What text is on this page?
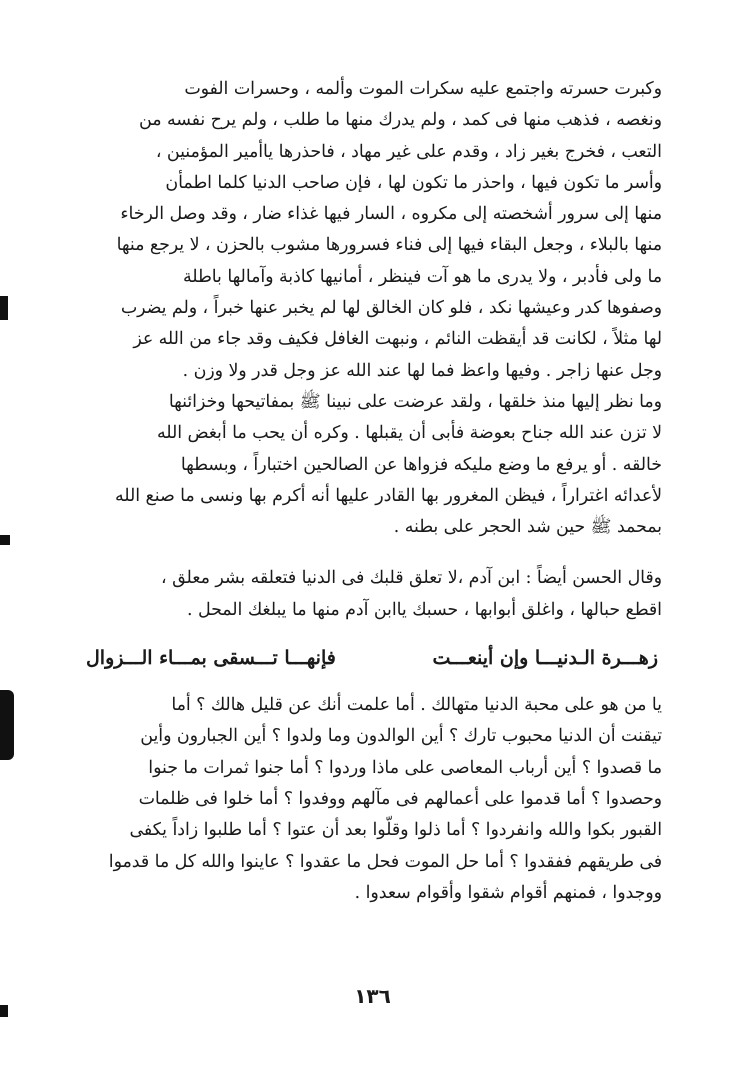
وكبرت حسرته واجتمع عليه سكرات الموت وألمه ، وحسرات الفوت

ونغصه ، فذهب منها فى كمد ، ولم يدرك منها ما طلب ، ولم يرح نفسه من

التعب ، فخرج بغير زاد ، وقدم على غير مهاد ، فاحذرها ياأمير المؤمنين ،

وأسر ما تكون فيها ، واحذر ما تكون لها ، فإن صاحب الدنيا كلما اطمأن

منها إلى سرور أشخصته إلى مكروه ، السار فيها غذاء ضار ، وقد وصل الرخاء

منها بالبلاء ، وجعل البقاء فيها إلى فناء فسرورها مشوب بالحزن ، لا يرجع منها

ما ولى فأدبر ، ولا يدرى ما هو آت فينظر ، أمانيها كاذبة وآمالها باطلة

وصفوها كدر وعيشها نكد ، فلو كان الخالق لها لم يخبر عنها خبراً ، ولم يضرب

لها مثلاً ، لكانت قد أيقظت النائم ، ونبهت الغافل فكيف وقد جاء من الله عز

وجل عنها زاجر . وفيها واعظ فما لها عند الله عز وجل قدر ولا وزن .

وما نظر إليها منذ خلقها ، ولقد عرضت على نبينا ﷺ بمفاتيحها وخزائنها

لا تزن عند الله جناح بعوضة فأبى أن يقبلها . وكره أن يحب ما أبغض الله

خالقه . أو يرفع ما وضع مليكه فزواها عن الصالحين اختباراً ، وبسطها

لأعدائه اغتراراً ، فيظن المغرور بها القادر عليها أنه أكرم بها ونسى ما صنع الله

بمحمد ﷺ حين شد الحجر على بطنه .

وقال الحسن أيضاً : ابن آدم ،لا تعلق قلبك فى الدنيا فتعلقه بشر معلق ،

اقطع حبالها ، واغلق أبوابها ، حسبك ياابن آدم منها ما يبلغك المحل .

زهـــرة الـدنيـــا وإن أينعـــت
فإنهـــا تـــسقى بمـــاء الـــزوال

يا من هو على محبة الدنيا متهالك . أما علمت أنك عن قليل هالك ؟ أما

تيقنت أن الدنيا محبوب تارك ؟ أين الوالدون وما ولدوا ؟ أين الجبارون وأين

ما قصدوا ؟ أين أرباب المعاصى على ماذا وردوا ؟ أما جنوا ثمرات ما جنوا

وحصدوا ؟ أما قدموا على أعمالهم فى مآلهم ووفدوا ؟ أما خلوا فى ظلمات

القبور بكوا والله وانفردوا ؟ أما ذلوا وقلّوا بعد أن عتوا ؟ أما طلبوا زاداً يكفى

فى طريقهم ففقدوا ؟ أما حل الموت فحل ما عقدوا ؟ عاينوا والله كل ما قدموا

ووجدوا ، فمنهم أقوام شقوا وأقوام سعدوا .

١٣٦
